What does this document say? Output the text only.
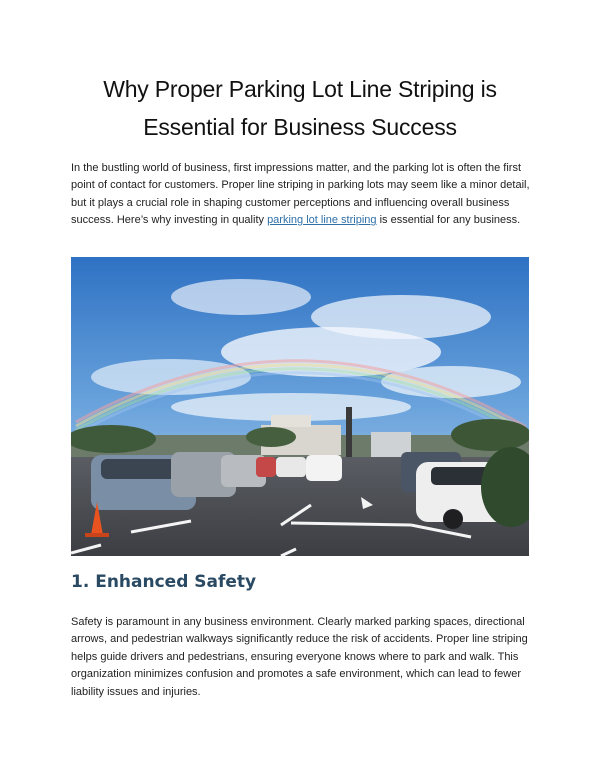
Why Proper Parking Lot Line Striping is
Essential for Business Success

In the bustling world of business, first impressions matter, and the parking lot is often the first point of contact for customers. Proper line striping in parking lots may seem like a minor detail, but it plays a crucial role in shaping customer perceptions and influencing overall business success. Here’s why investing in quality parking lot line striping is essential for any business.

1. Enhanced Safety

Safety is paramount in any business environment. Clearly marked parking spaces, directional arrows, and pedestrian walkways significantly reduce the risk of accidents. Proper line striping helps guide drivers and pedestrians, ensuring everyone knows where to park and walk. This organization minimizes confusion and promotes a safe environment, which can lead to fewer liability issues and injuries.
